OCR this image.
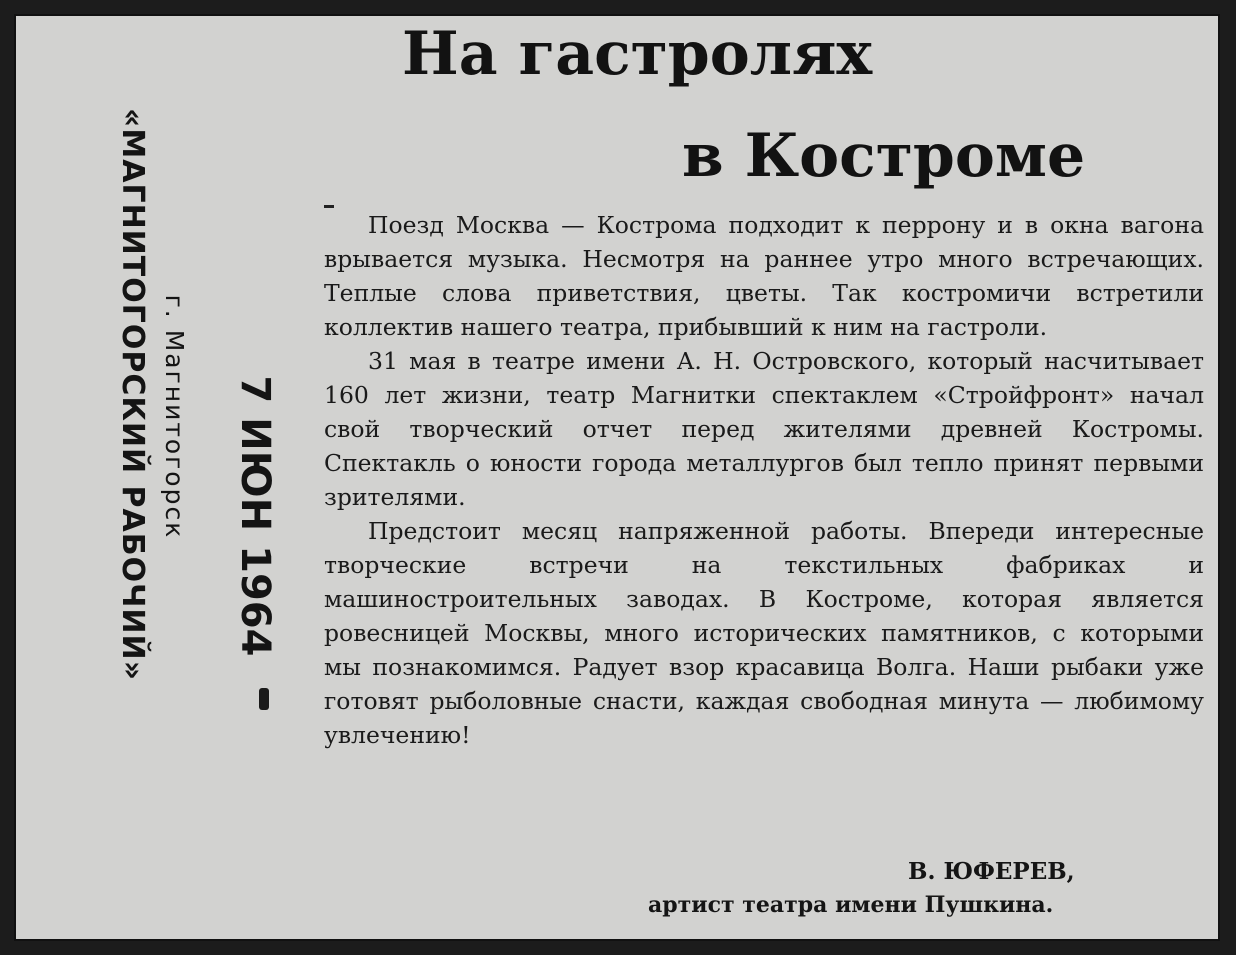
«МАГНИТОГОРСКИЙ РАБОЧИЙ» г. Магнитогорск 7 ИЮН 1964
На гастролях
в Костроме

Поезд Москва — Кострома подходит к перрону и в окна вагона врывается музыка. Несмотря на раннее утро много встречающих. Теплые слова приветствия, цветы. Так костромичи встретили коллектив нашего театра, прибывший к ним на гастроли.

31 мая в театре имени А. Н. Островского, который насчитывает 160 лет жизни, театр Магнитки спектаклем «Стройфронт» начал свой творческий отчет перед жителями древней Костромы. Спектакль о юности города металлургов был тепло принят первыми зрителями.

Предстоит месяц напряженной работы. Впереди интересные творческие встречи на текстильных фабриках и машиностроительных заводах. В Костроме, которая является ровесницей Москвы, много исторических памятников, с которыми мы познакомимся. Радует взор красавица Волга. Наши рыбаки уже готовят рыболовные снасти, каждая свободная минута — любимому увлечению!

В. ЮФЕРЕВ,
артист театра имени Пушкина.
